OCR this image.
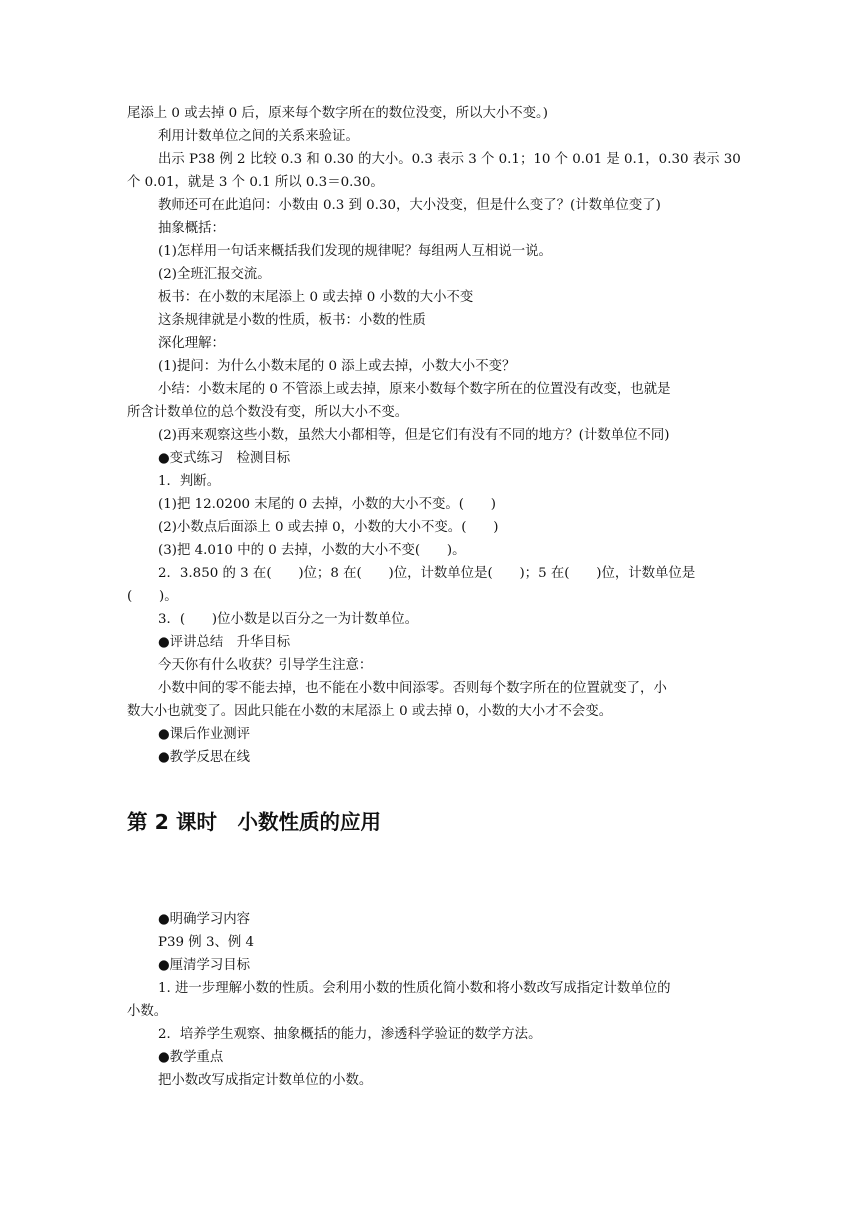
尾添上 0 或去掉 0 后，原来每个数字所在的数位没变，所以大小不变。)
利用计数单位之间的关系来验证。
出示 P38 例 2 比较 0.3 和 0.30 的大小。0.3 表示 3 个 0.1；10 个 0.01 是 0.1，0.30 表示 30
个 0.01，就是 3 个 0.1 所以 0.3＝0.30。
教师还可在此追问：小数由 0.3 到 0.30，大小没变，但是什么变了？(计数单位变了)
抽象概括：
(1)怎样用一句话来概括我们发现的规律呢？每组两人互相说一说。
(2)全班汇报交流。
板书：在小数的末尾添上 0 或去掉 0 小数的大小不变
这条规律就是小数的性质，板书：小数的性质
深化理解：
(1)提问：为什么小数末尾的 0 添上或去掉，小数大小不变？
小结：小数末尾的 0 不管添上或去掉，原来小数每个数字所在的位置没有改变，也就是
所含计数单位的总个数没有变，所以大小不变。
(2)再来观察这些小数，虽然大小都相等，但是它们有没有不同的地方？(计数单位不同)
●变式练习　检测目标
1．判断。
(1)把 12.0200 末尾的 0 去掉，小数的大小不变。(　　)
(2)小数点后面添上 0 或去掉 0，小数的大小不变。(　　)
(3)把 4.010 中的 0 去掉，小数的大小不变(　　)。
2．3.850 的 3 在(　　)位；8 在(　　)位，计数单位是(　　)；5 在(　　)位，计数单位是
(　　)。
3．(　　)位小数是以百分之一为计数单位。
●评讲总结　升华目标
今天你有什么收获？引导学生注意：
小数中间的零不能去掉，也不能在小数中间添零。否则每个数字所在的位置就变了，小
数大小也就变了。因此只能在小数的末尾添上 0 或去掉 0，小数的大小才不会变。
●课后作业测评
●教学反思在线
第 2 课时　小数性质的应用
●明确学习内容
P39 例 3、例 4
●厘清学习目标
1. 进一步理解小数的性质。会利用小数的性质化简小数和将小数改写成指定计数单位的
小数。
2．培养学生观察、抽象概括的能力，渗透科学验证的数学方法。
●教学重点
把小数改写成指定计数单位的小数。
